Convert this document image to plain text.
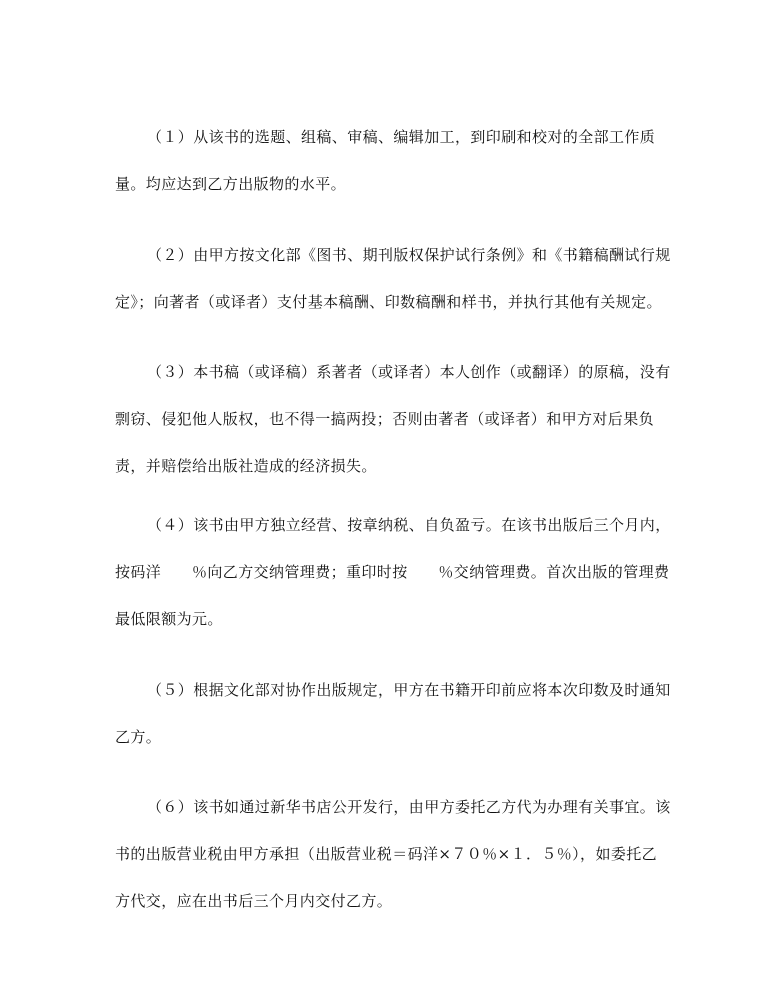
（１）从该书的选题、组稿、审稿、编辑加工，到印刷和校对的全部工作质
量。均应达到乙方出版物的水平。
（２）由甲方按文化部《图书、期刊版权保护试行条例》和《书籍稿酬试行规
定》；向著者（或译者）支付基本稿酬、印数稿酬和样书，并执行其他有关规定。
（３）本书稿（或译稿）系著者（或译者）本人创作（或翻译）的原稿，没有
剽窃、侵犯他人版权，也不得一搞两投；否则由著者（或译者）和甲方对后果负
责，并赔偿给出版社造成的经济损失。
（４）该书由甲方独立经营、按章纳税、自负盈亏。在该书出版后三个月内，
按码洋　　％向乙方交纳管理费；重印时按　　％交纳管理费。首次出版的管理费
最低限额为元。
（５）根据文化部对协作出版规定，甲方在书籍开印前应将本次印数及时通知
乙方。
（６）该书如通过新华书店公开发行，由甲方委托乙方代为办理有关事宜。该
书的出版营业税由甲方承担（出版营业税＝码洋×７０％×１．５％），如委托乙
方代交，应在出书后三个月内交付乙方。
